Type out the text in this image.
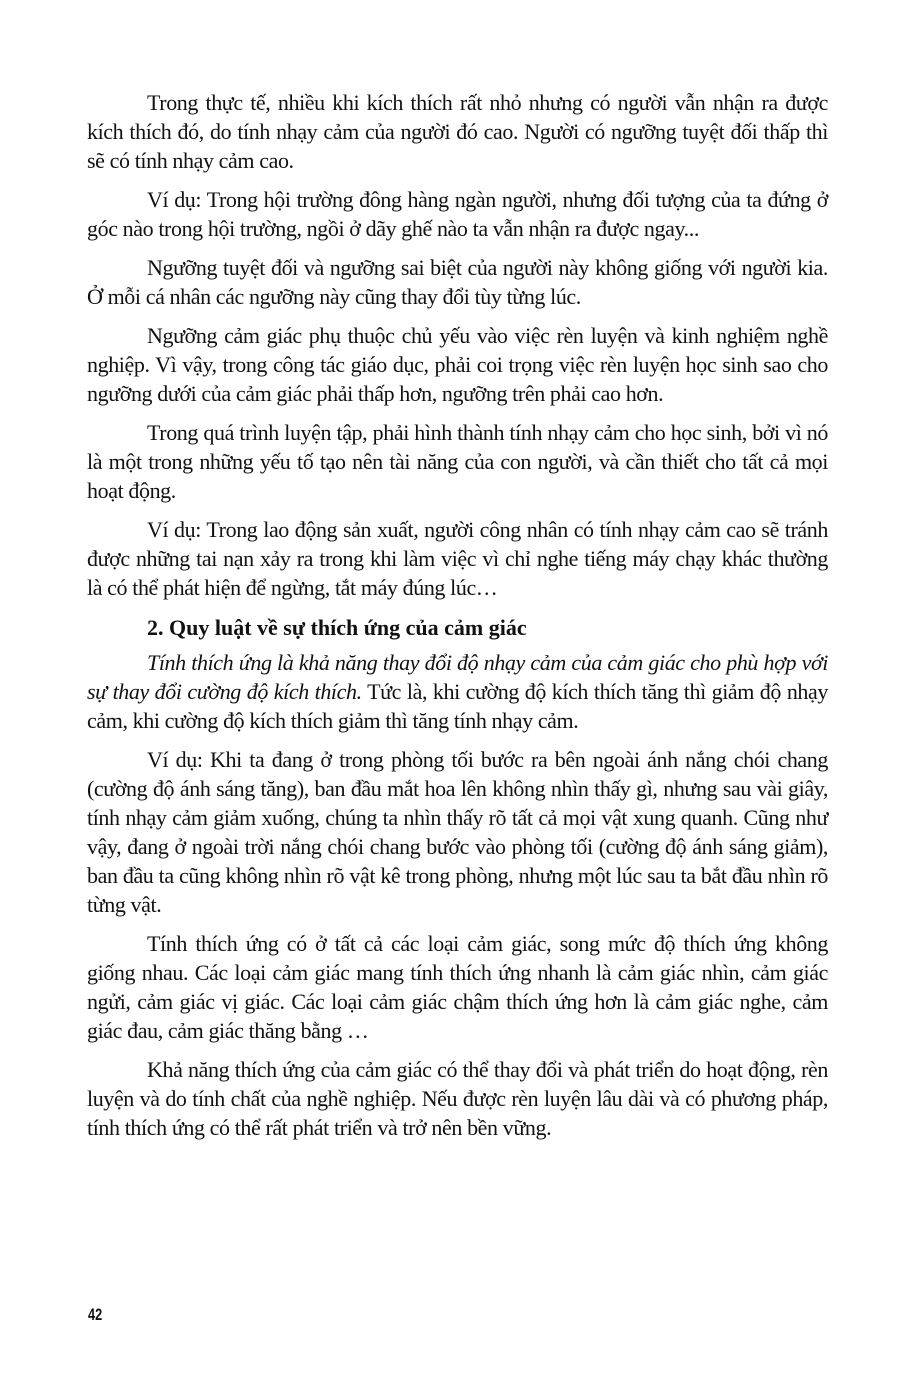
Trong thực tế, nhiều khi kích thích rất nhỏ nhưng có người vẫn nhận ra được kích thích đó, do tính nhạy cảm của người đó cao. Người có ngưỡng tuyệt đối thấp thì sẽ có tính nhạy cảm cao.

Ví dụ: Trong hội trường đông hàng ngàn người, nhưng đối tượng của ta đứng ở góc nào trong hội trường, ngồi ở dãy ghế nào ta vẫn nhận ra được ngay...

Ngưỡng tuyệt đối và ngưỡng sai biệt của người này không giống với người kia. Ở mỗi cá nhân các ngưỡng này cũng thay đổi tùy từng lúc.

Ngưỡng cảm giác phụ thuộc chủ yếu vào việc rèn luyện và kinh nghiệm nghề nghiệp. Vì vậy, trong công tác giáo dục, phải coi trọng việc rèn luyện học sinh sao cho ngưỡng dưới của cảm giác phải thấp hơn, ngưỡng trên phải cao hơn.

Trong quá trình luyện tập, phải hình thành tính nhạy cảm cho học sinh, bởi vì nó là một trong những yếu tố tạo nên tài năng của con người, và cần thiết cho tất cả mọi hoạt động.

Ví dụ: Trong lao động sản xuất, người công nhân có tính nhạy cảm cao sẽ tránh được những tai nạn xảy ra trong khi làm việc vì chỉ nghe tiếng máy chạy khác thường là có thể phát hiện để ngừng, tắt máy đúng lúc…

2. Quy luật về sự thích ứng của cảm giác

Tính thích ứng là khả năng thay đổi độ nhạy cảm của cảm giác cho phù hợp với sự thay đổi cường độ kích thích. Tức là, khi cường độ kích thích tăng thì giảm độ nhạy cảm, khi cường độ kích thích giảm thì tăng tính nhạy cảm.

Ví dụ: Khi ta đang ở trong phòng tối bước ra bên ngoài ánh nắng chói chang (cường độ ánh sáng tăng), ban đầu mắt hoa lên không nhìn thấy gì, nhưng sau vài giây, tính nhạy cảm giảm xuống, chúng ta nhìn thấy rõ tất cả mọi vật xung quanh. Cũng như vậy, đang ở ngoài trời nắng chói chang bước vào phòng tối (cường độ ánh sáng giảm), ban đầu ta cũng không nhìn rõ vật kê trong phòng, nhưng một lúc sau ta bắt đầu nhìn rõ từng vật.

Tính thích ứng có ở tất cả các loại cảm giác, song mức độ thích ứng không giống nhau. Các loại cảm giác mang tính thích ứng nhanh là cảm giác nhìn, cảm giác ngửi, cảm giác vị giác. Các loại cảm giác chậm thích ứng hơn là cảm giác nghe, cảm giác đau, cảm giác thăng bằng …

Khả năng thích ứng của cảm giác có thể thay đổi và phát triển do hoạt động, rèn luyện và do tính chất của nghề nghiệp. Nếu được rèn luyện lâu dài và có phương pháp, tính thích ứng có thể rất phát triển và trở nên bền vững.

42
